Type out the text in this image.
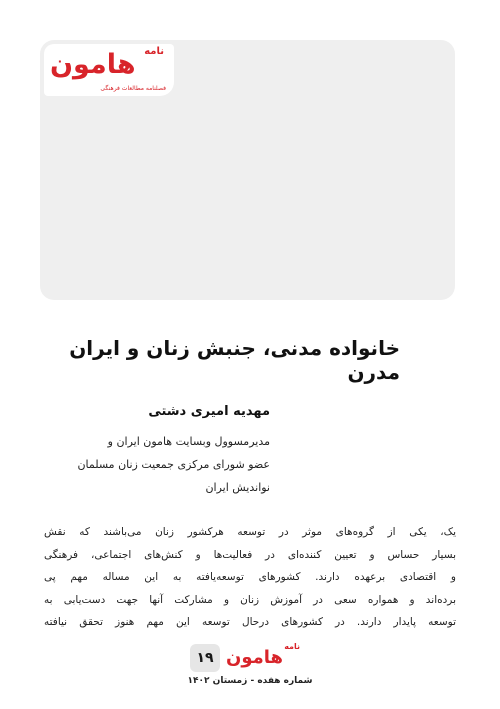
نامه
هامون
فصلنامه مطالعات فرهنگی
خانواده مدنی، جنبش زنان و ایران مدرن
مهدیه امیری دشتی
مدیرمسوول وبسایت هامون ایران و
عضو شورای مرکزی جمعیت زنان مسلمان نواندیش ایران

یک، یکی از گروه‌های موثر در توسعه هرکشور زنان می‌باشند که نقش

بسیار حساس و تعیین کننده‌ای در فعالیت‌ها و کنش‌های اجتماعی، فرهنگی

و اقتصادی برعهده دارند. کشورهای توسعه‌یافته به این مساله مهم پی

برده‌اند و همواره سعی در آموزش زنان و مشارکت آنها جهت دست‌یابی به

توسعه پایدار دارند. در کشورهای درحال توسعه این مهم هنوز تحقق نیافته

۱۹ هامون
نامه
شماره هفده - زمستان ۱۴۰۲
